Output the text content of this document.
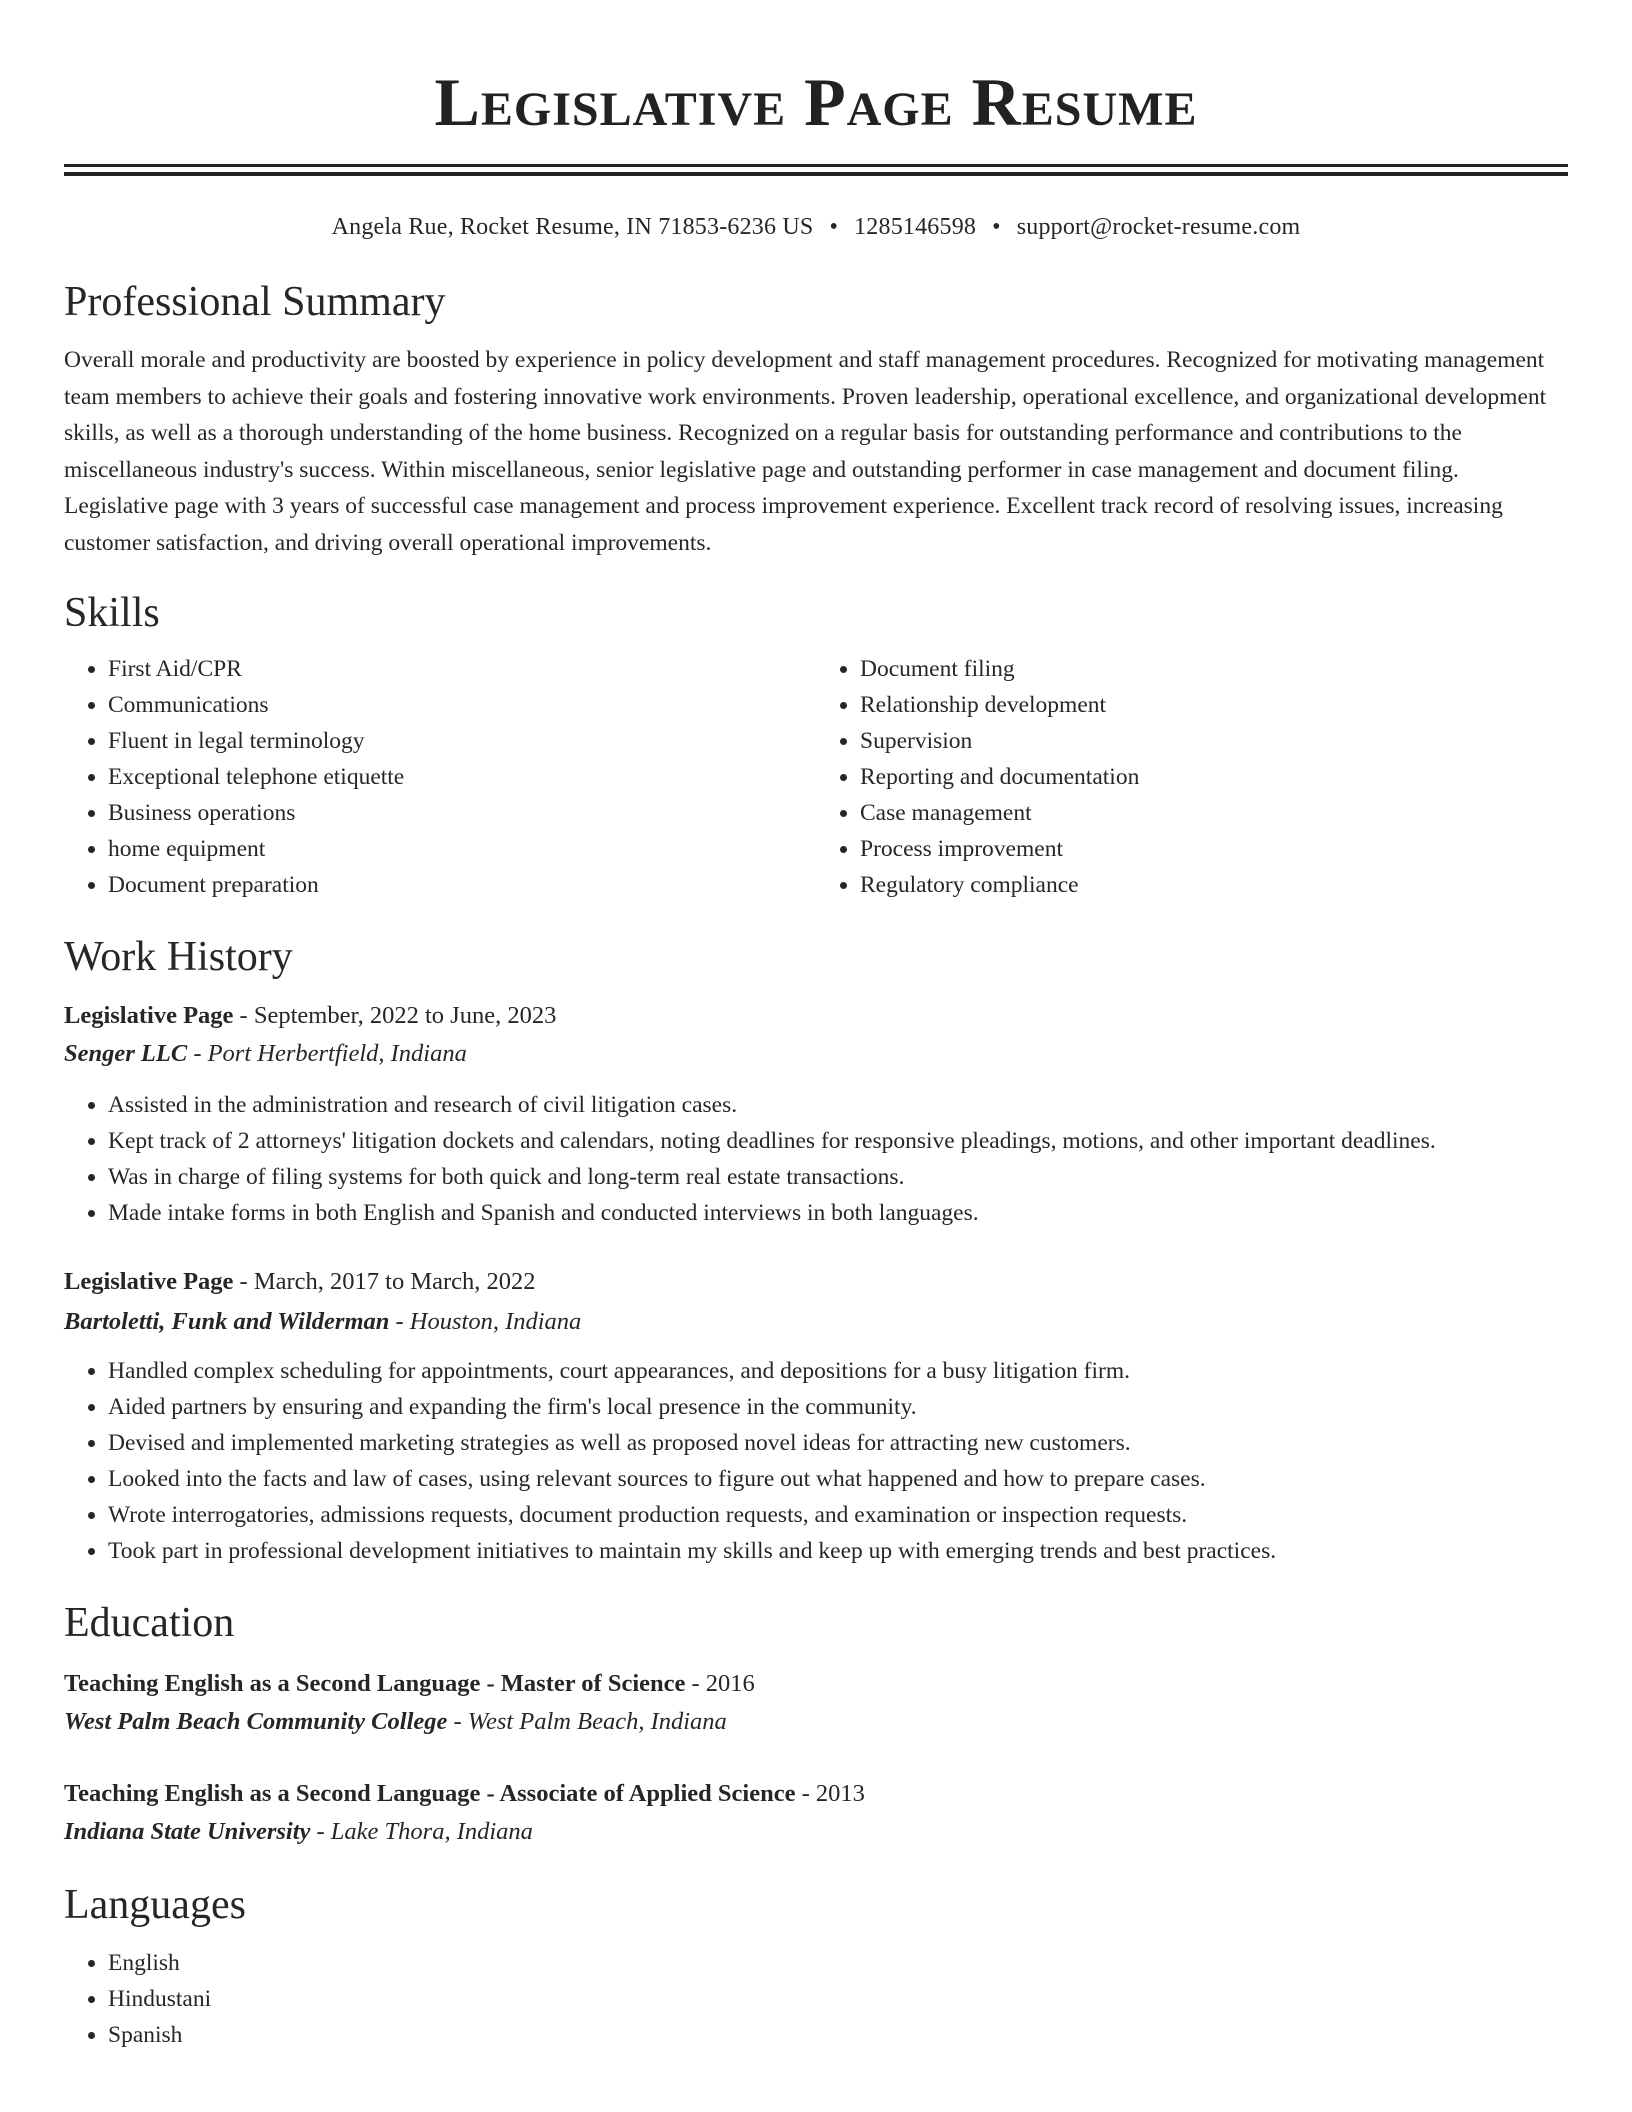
Legislative Page Resume
Angela Rue, Rocket Resume, IN 71853-6236 US • 1285146598 • support@rocket-resume.com
Professional Summary

Overall morale and productivity are boosted by experience in policy development and staff management procedures. Recognized for motivating management team members to achieve their goals and fostering innovative work environments. Proven leadership, operational excellence, and organizational development skills, as well as a thorough understanding of the home business. Recognized on a regular basis for outstanding performance and contributions to the miscellaneous industry's success. Within miscellaneous, senior legislative page and outstanding performer in case management and document filing. Legislative page with 3 years of successful case management and process improvement experience. Excellent track record of resolving issues, increasing customer satisfaction, and driving overall operational improvements.

Skills
• First Aid/CPR
• Communications
• Fluent in legal terminology
• Exceptional telephone etiquette
• Business operations
• home equipment
• Document preparation
• Document filing
• Relationship development
• Supervision
• Reporting and documentation
• Case management
• Process improvement
• Regulatory compliance
Work History
Legislative Page - September, 2022 to June, 2023
Senger LLC - Port Herbertfield, Indiana
• Assisted in the administration and research of civil litigation cases.
• Kept track of 2 attorneys' litigation dockets and calendars, noting deadlines for responsive pleadings, motions, and other important deadlines.
• Was in charge of filing systems for both quick and long-term real estate transactions.
• Made intake forms in both English and Spanish and conducted interviews in both languages.
Legislative Page - March, 2017 to March, 2022
Bartoletti, Funk and Wilderman - Houston, Indiana
• Handled complex scheduling for appointments, court appearances, and depositions for a busy litigation firm.
• Aided partners by ensuring and expanding the firm's local presence in the community.
• Devised and implemented marketing strategies as well as proposed novel ideas for attracting new customers.
• Looked into the facts and law of cases, using relevant sources to figure out what happened and how to prepare cases.
• Wrote interrogatories, admissions requests, document production requests, and examination or inspection requests.
• Took part in professional development initiatives to maintain my skills and keep up with emerging trends and best practices.
Education
Teaching English as a Second Language - Master of Science - 2016
West Palm Beach Community College - West Palm Beach, Indiana
Teaching English as a Second Language - Associate of Applied Science - 2013
Indiana State University - Lake Thora, Indiana
Languages
• English
• Hindustani
• Spanish
